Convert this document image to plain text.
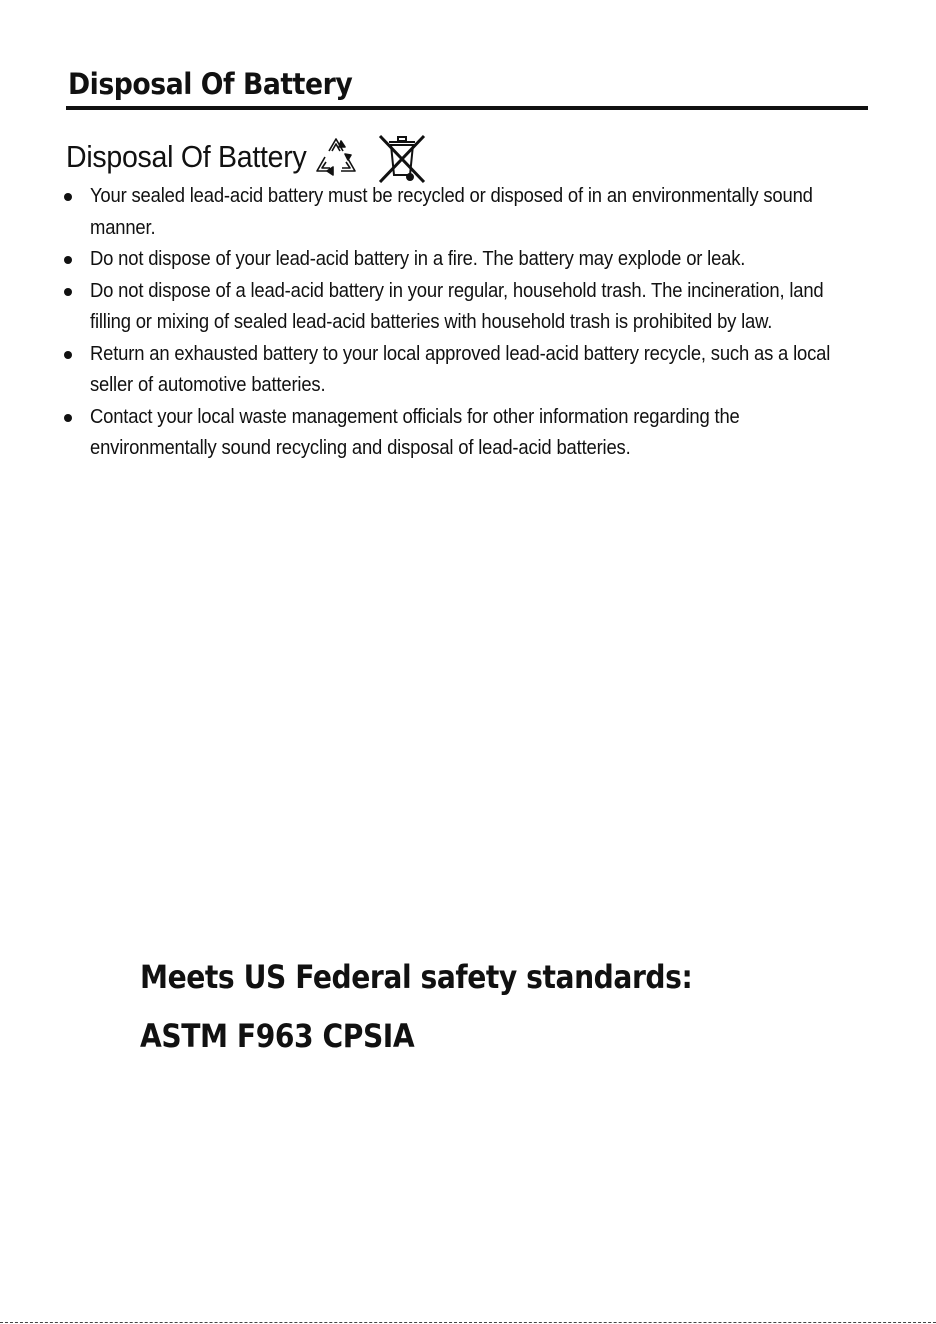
Disposal Of Battery
Disposal Of Battery
Your sealed lead-acid battery must be recycled or disposed of in an environmentally sound manner.
Do not dispose of your lead-acid battery in a fire. The battery may explode or leak.
Do not dispose of a lead-acid battery in your regular, household trash. The incineration, land filling or mixing of sealed lead-acid batteries with household trash is prohibited by law.
Return an exhausted battery to your local approved lead-acid battery recycle, such as a local seller of automotive batteries.
Contact your local waste management officials for other information regarding the environmentally sound recycling and disposal of lead-acid batteries.

Meets US Federal safety standards:
ASTM F963 CPSIA
